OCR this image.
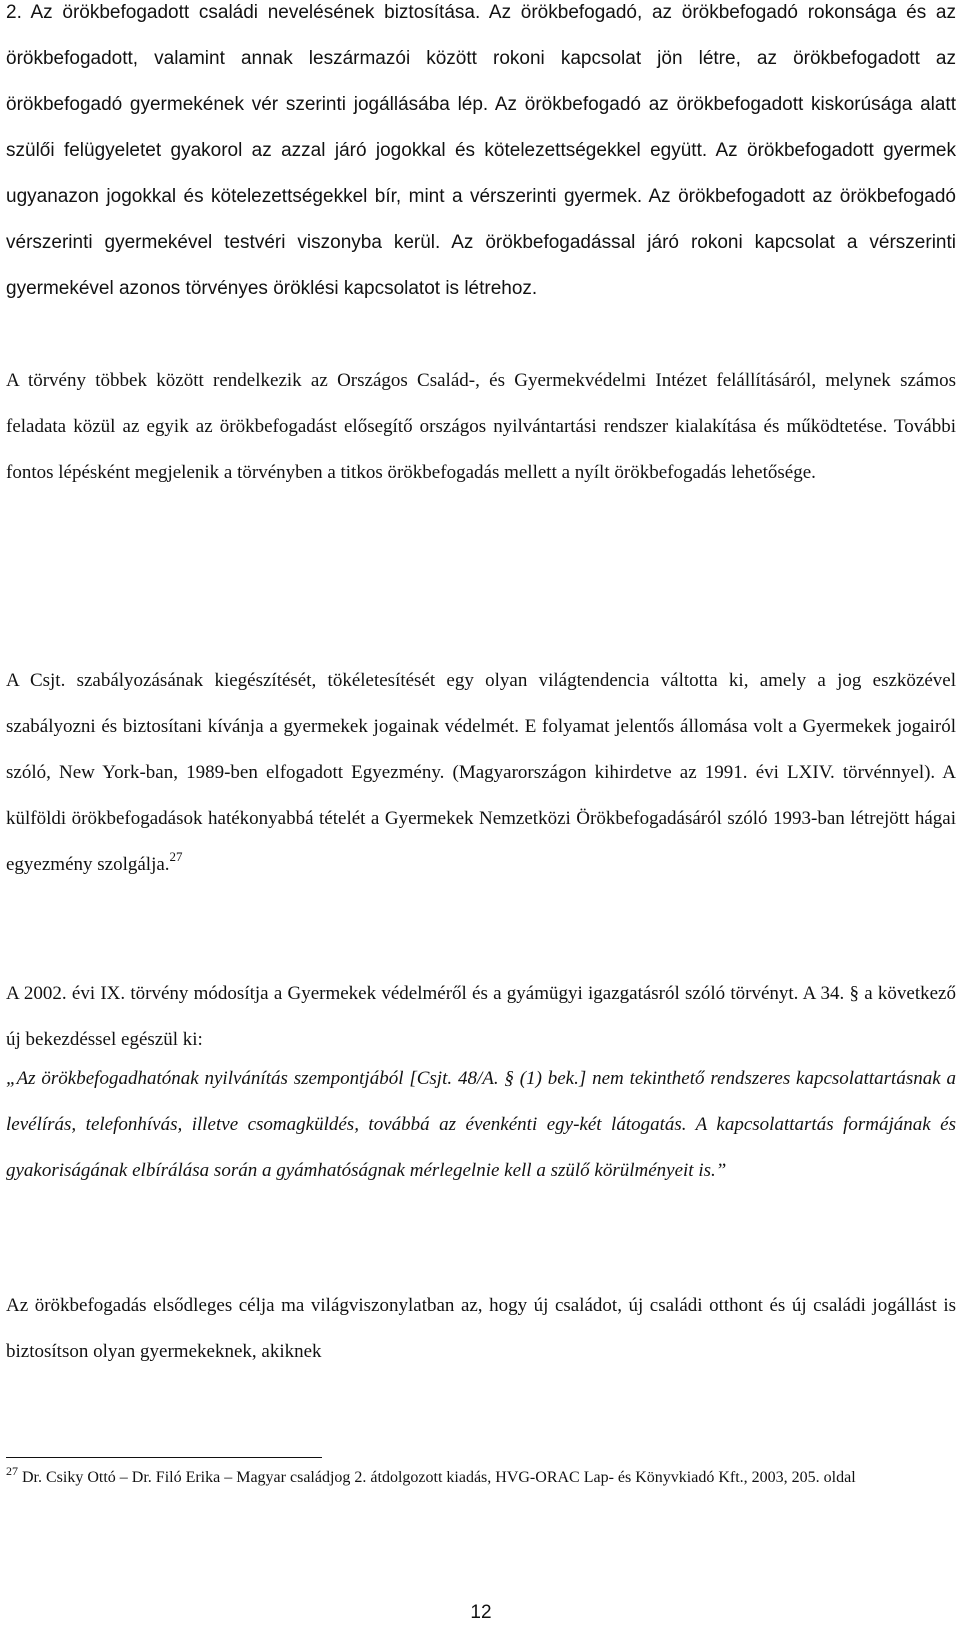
2. Az örökbefogadott családi nevelésének biztosítása. Az örökbefogadó, az örökbefogadó rokonsága és az örökbefogadott, valamint annak leszármazói között rokoni kapcsolat jön létre, az örökbefogadott az örökbefogadó gyermekének vér szerinti jogállásába lép. Az örökbefogadó az örökbefogadott kiskorúsága alatt szülői felügyeletet gyakorol az azzal járó jogokkal és kötelezettségekkel együtt. Az örökbefogadott gyermek ugyanazon jogokkal és kötelezettségekkel bír, mint a vérszerinti gyermek. Az örökbefogadott az örökbefogadó vérszerinti gyermekével testvéri viszonyba kerül. Az örökbefogadással járó rokoni kapcsolat a vérszerinti gyermekével azonos törvényes öröklési kapcsolatot is létrehoz.

A törvény többek között rendelkezik az Országos Család-, és Gyermekvédelmi Intézet felállításáról, melynek számos feladata közül az egyik az örökbefogadást elősegítő országos nyilvántartási rendszer kialakítása és működtetése. További fontos lépésként megjelenik a törvényben a titkos örökbefogadás mellett a nyílt örökbefogadás lehetősége.

A Csjt. szabályozásának kiegészítését, tökéletesítését egy olyan világtendencia váltotta ki, amely a jog eszközével szabályozni és biztosítani kívánja a gyermekek jogainak védelmét. E folyamat jelentős állomása volt a Gyermekek jogairól szóló, New York-ban, 1989-ben elfogadott Egyezmény. (Magyarországon kihirdetve az 1991. évi LXIV. törvénnyel). A külföldi örökbefogadások hatékonyabbá tételét a Gyermekek Nemzetközi Örökbefogadásáról szóló 1993-ban létrejött hágai egyezmény szolgálja.$^{27}$

A 2002. évi IX. törvény módosítja a Gyermekek védelméről és a gyámügyi igazgatásról szóló törvényt. A 34. § a következő új bekezdéssel egészül ki:

„Az örökbefogadhatónak nyilvánítás szempontjából [Csjt. 48/A. § (1) bek.] nem tekinthető rendszeres kapcsolattartásnak a levélírás, telefonhívás, illetve csomagküldés, továbbá az évenkénti egy-két látogatás. A kapcsolattartás formájának és gyakoriságának elbírálása során a gyámhatóságnak mérlegelnie kell a szülő körülményeit is.”

Az örökbefogadás elsődleges célja ma világviszonylatban az, hogy új családot, új családi otthont és új családi jogállást is biztosítson olyan gyermekeknek, akiknek

$^{27}$ Dr. Csiky Ottó – Dr. Filó Erika – Magyar családjog 2. átdolgozott kiadás, HVG-ORAC Lap- és Könyvkiadó Kft., 2003, 205. oldal

12
